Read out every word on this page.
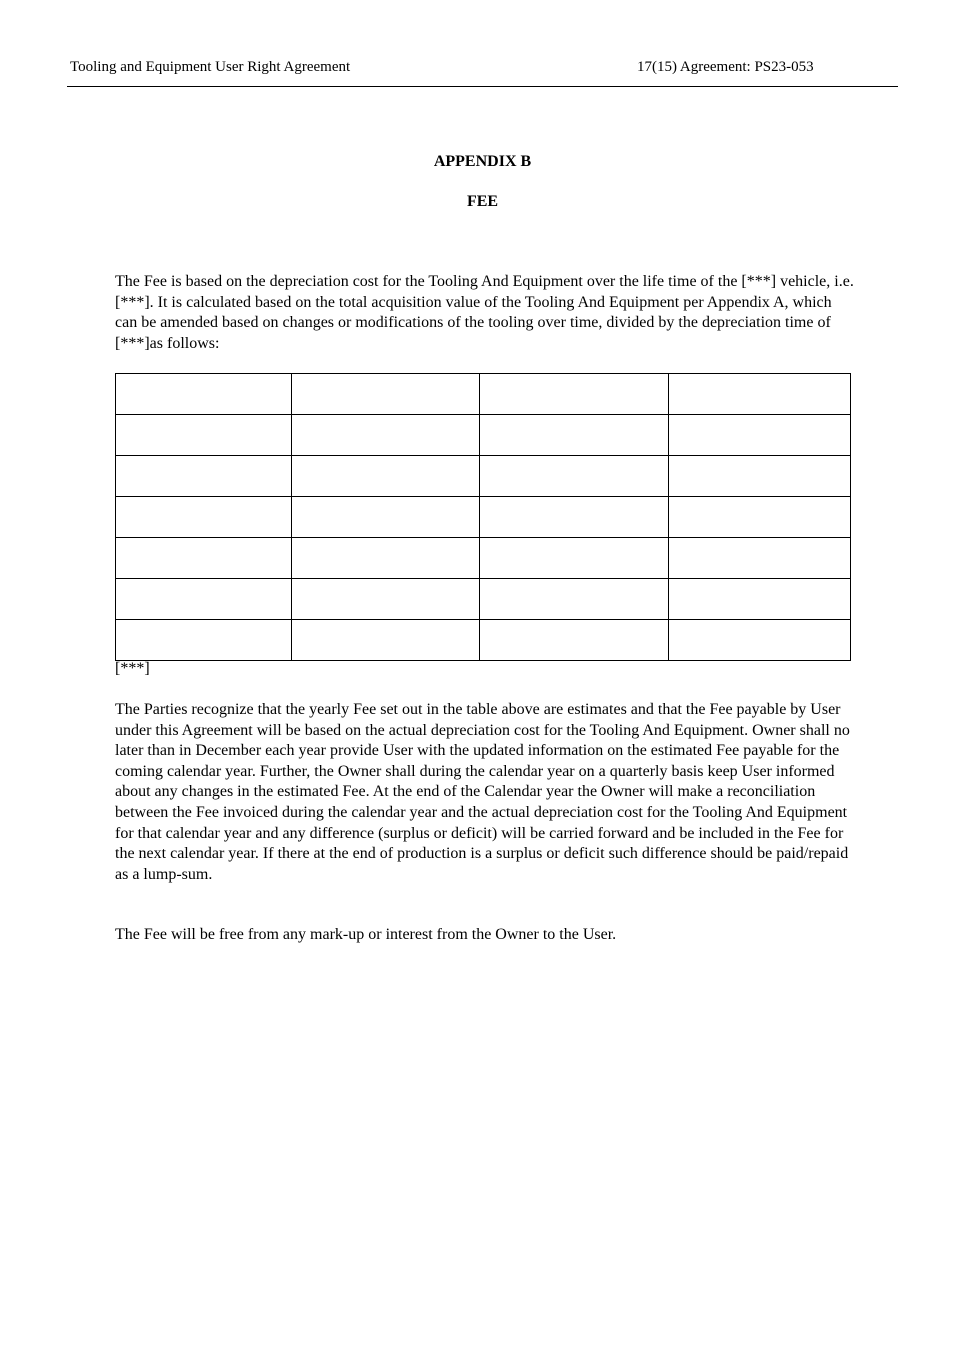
Tooling and Equipment User Right Agreement	17(15) Agreement: PS23-053
APPENDIX B
FEE

The Fee is based on the depreciation cost for the Tooling And Equipment over the life time of the [***] vehicle, i.e.[***]. It is calculated based on the total acquisition value of the Tooling And Equipment per Appendix A, which can be amended based on changes or modifications of the tooling over time, divided by the depreciation time of [***]as follows:

[***]

The Parties recognize that the yearly Fee set out in the table above are estimates and that the Fee payable by User under this Agreement will be based on the actual depreciation cost for the Tooling And Equipment. Owner shall no later than in December each year provide User with the updated information on the estimated Fee payable for the coming calendar year. Further, the Owner shall during the calendar year on a quarterly basis keep User informed about any changes in the estimated Fee. At the end of the Calendar year the Owner will make a reconciliation between the Fee invoiced during the calendar year and the actual depreciation cost for the Tooling And Equipment for that calendar year and any difference (surplus or deficit) will be carried forward and be included in the Fee for the next calendar year. If there at the end of production is a surplus or deficit such difference should be paid/repaid as a lump-sum.

The Fee will be free from any mark-up or interest from the Owner to the User.
